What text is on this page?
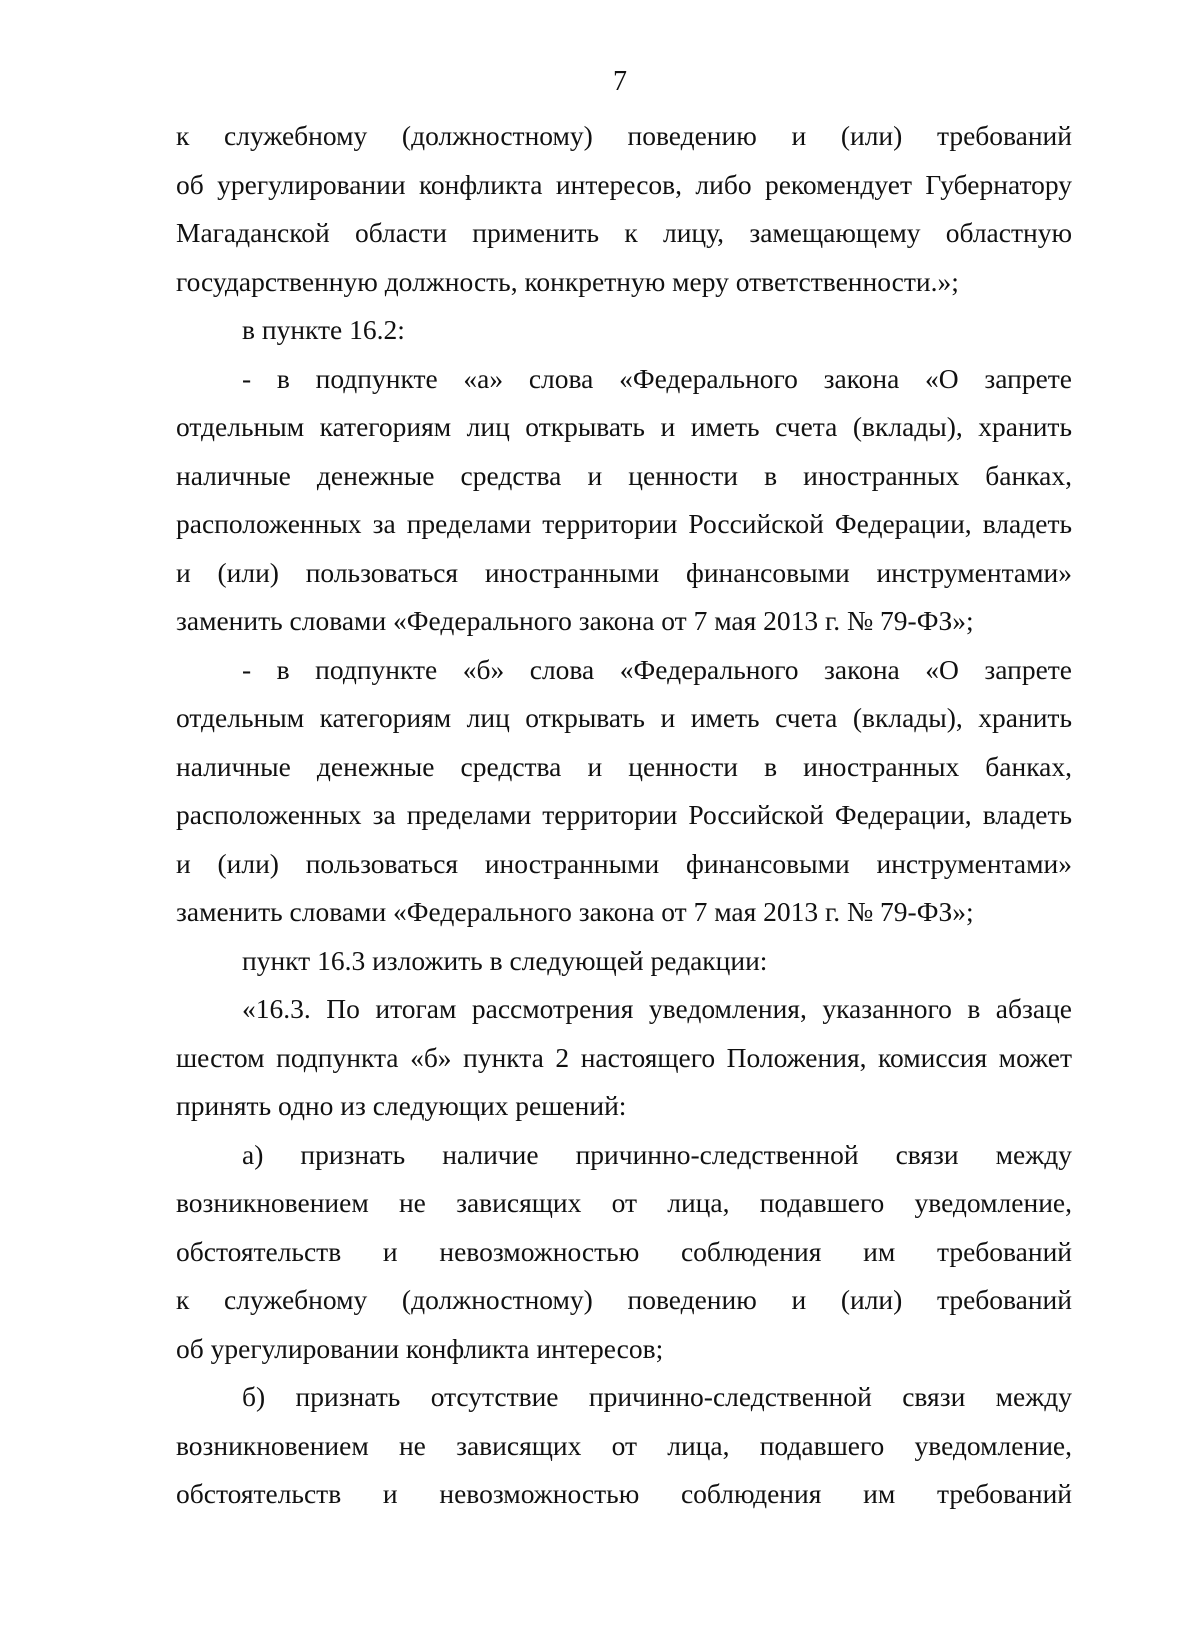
7

к служебному (должностному) поведению и (или) требований

об урегулировании конфликта интересов, либо рекомендует Губернатору

Магаданской области применить к лицу, замещающему областную

государственную должность, конкретную меру ответственности.»;

в пункте 16.2:

- в подпункте «а» слова «Федерального закона «О запрете

отдельным категориям лиц открывать и иметь счета (вклады), хранить

наличные денежные средства и ценности в иностранных банках,

расположенных за пределами территории Российской Федерации, владеть

и (или) пользоваться иностранными финансовыми инструментами»

заменить словами «Федерального закона от 7 мая 2013 г. № 79-ФЗ»;

- в подпункте «б» слова «Федерального закона «О запрете

отдельным категориям лиц открывать и иметь счета (вклады), хранить

наличные денежные средства и ценности в иностранных банках,

расположенных за пределами территории Российской Федерации, владеть

и (или) пользоваться иностранными финансовыми инструментами»

заменить словами «Федерального закона от 7 мая 2013 г. № 79-ФЗ»;

пункт 16.3 изложить в следующей редакции:

«16.3. По итогам рассмотрения уведомления, указанного в абзаце

шестом подпункта «б» пункта 2 настоящего Положения, комиссия может

принять одно из следующих решений:

а) признать наличие причинно-следственной связи между

возникновением не зависящих от лица, подавшего уведомление,

обстоятельств и невозможностью соблюдения им требований

к служебному (должностному) поведению и (или) требований

об урегулировании конфликта интересов;

б) признать отсутствие причинно-следственной связи между

возникновением не зависящих от лица, подавшего уведомление,

обстоятельств и невозможностью соблюдения им требований
